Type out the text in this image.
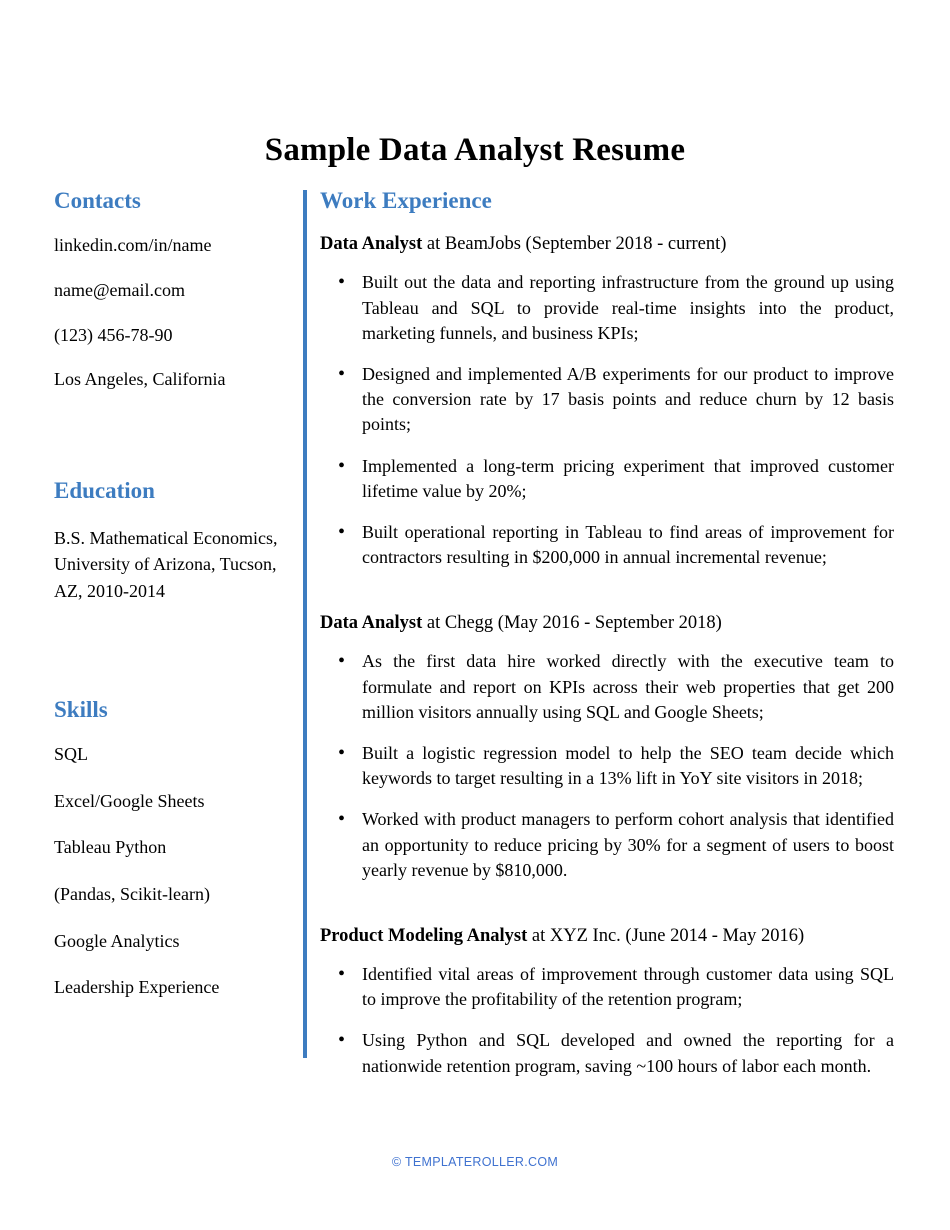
Sample Data Analyst Resume
Contacts
linkedin.com/in/name
name@email.com
(123) 456-78-90
Los Angeles, California
Education
B.S. Mathematical Economics, University of Arizona, Tucson, AZ, 2010-2014
Skills
SQL
Excel/Google Sheets
Tableau Python
(Pandas, Scikit-learn)
Google Analytics
Leadership Experience
Work Experience

Data Analyst at BeamJobs (September 2018 - current)

• Built out the data and reporting infrastructure from the ground up using Tableau and SQL to provide real-time insights into the product, marketing funnels, and business KPIs;
• Designed and implemented A/B experiments for our product to improve the conversion rate by 17 basis points and reduce churn by 12 basis points;
• Implemented a long-term pricing experiment that improved customer lifetime value by 20%;
• Built operational reporting in Tableau to find areas of improvement for contractors resulting in $200,000 in annual incremental revenue;

Data Analyst at Chegg (May 2016 - September 2018)

• As the first data hire worked directly with the executive team to formulate and report on KPIs across their web properties that get 200 million visitors annually using SQL and Google Sheets;
• Built a logistic regression model to help the SEO team decide which keywords to target resulting in a 13% lift in YoY site visitors in 2018;
• Worked with product managers to perform cohort analysis that identified an opportunity to reduce pricing by 30% for a segment of users to boost yearly revenue by $810,000.

Product Modeling Analyst at XYZ Inc. (June 2014 - May 2016)

• Identified vital areas of improvement through customer data using SQL to improve the profitability of the retention program;
• Using Python and SQL developed and owned the reporting for a nationwide retention program, saving ~100 hours of labor each month.
© TEMPLATEROLLER.COM
